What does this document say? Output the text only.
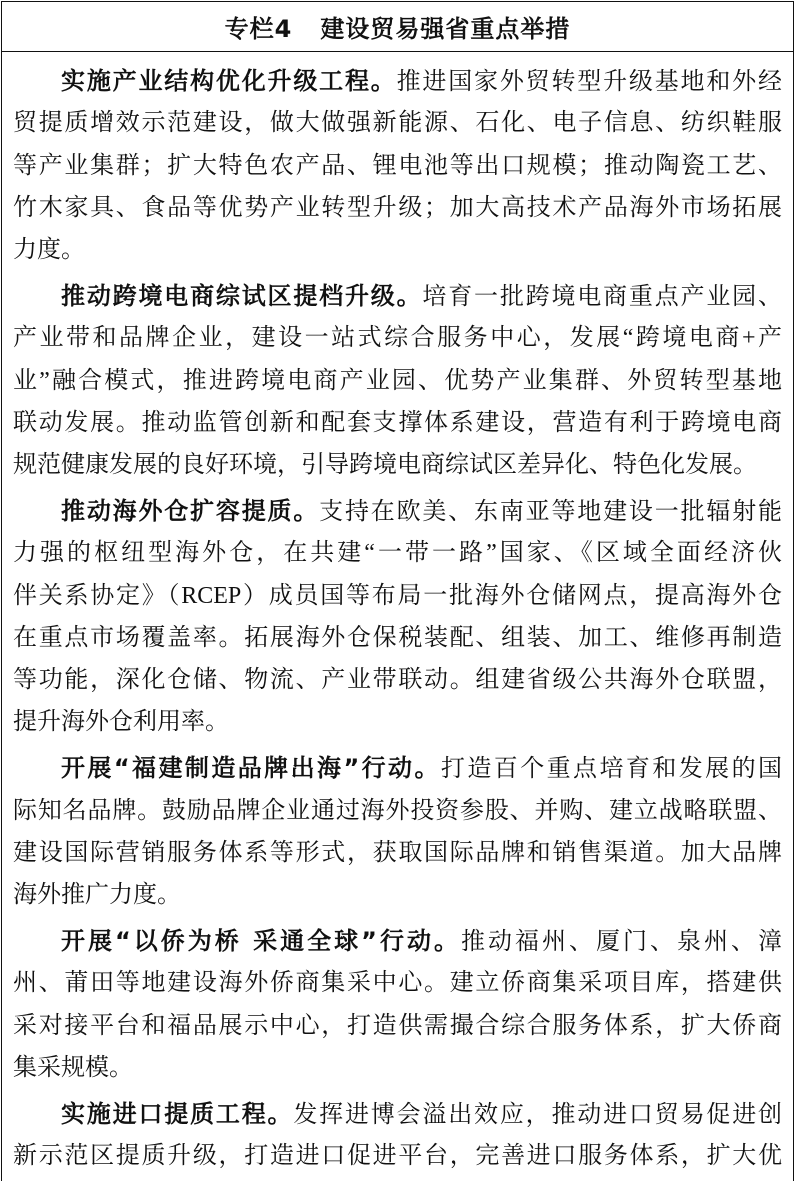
专栏4 建设贸易强省重点举措
实施产业结构优化升级工程。推进国家外贸转型升级基地和外经
贸提质增效示范建设，做大做强新能源、石化、电子信息、纺织鞋服
等产业集群；扩大特色农产品、锂电池等出口规模；推动陶瓷工艺、
竹木家具、食品等优势产业转型升级；加大高技术产品海外市场拓展
力度。
推动跨境电商综试区提档升级。培育一批跨境电商重点产业园、
产业带和品牌企业，建设一站式综合服务中心，发展“跨境电商+产
业”融合模式，推进跨境电商产业园、优势产业集群、外贸转型基地
联动发展。推动监管创新和配套支撑体系建设，营造有利于跨境电商
规范健康发展的良好环境，引导跨境电商综试区差异化、特色化发展。
推动海外仓扩容提质。支持在欧美、东南亚等地建设一批辐射能
力强的枢纽型海外仓，在共建“一带一路”国家、《区域全面经济伙
伴关系协定》（RCEP）成员国等布局一批海外仓储网点，提高海外仓
在重点市场覆盖率。拓展海外仓保税装配、组装、加工、维修再制造
等功能，深化仓储、物流、产业带联动。组建省级公共海外仓联盟，
提升海外仓利用率。
开展“福建制造品牌出海”行动。打造百个重点培育和发展的国
际知名品牌。鼓励品牌企业通过海外投资参股、并购、建立战略联盟、
建设国际营销服务体系等形式，获取国际品牌和销售渠道。加大品牌
海外推广力度。
开展“以侨为桥 采通全球”行动。推动福州、厦门、泉州、漳
州、莆田等地建设海外侨商集采中心。建立侨商集采项目库，搭建供
采对接平台和福品展示中心，打造供需撮合综合服务体系，扩大侨商
集采规模。
实施进口提质工程。发挥进博会溢出效应，推动进口贸易促进创
新示范区提质升级，打造进口促进平台，完善进口服务体系，扩大优
